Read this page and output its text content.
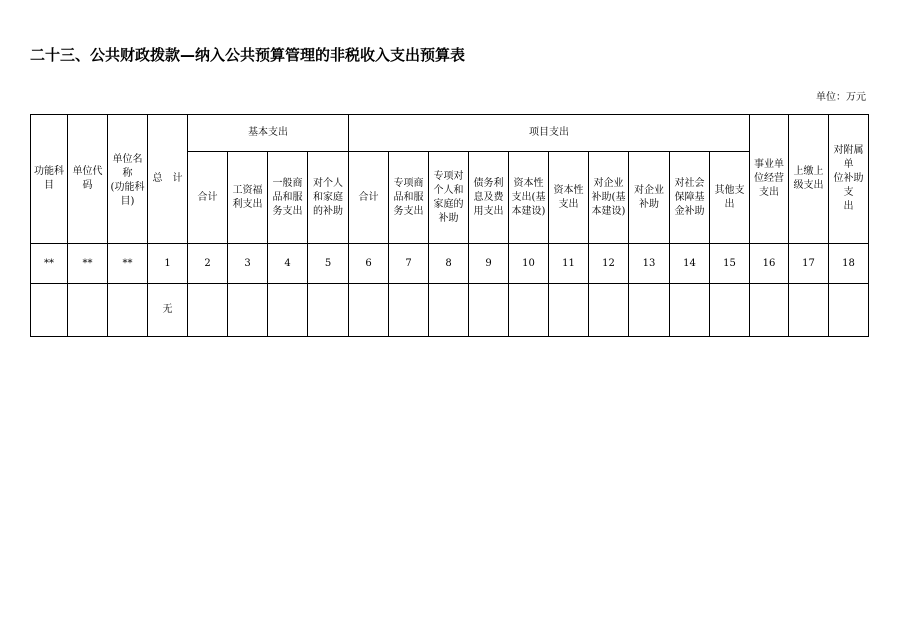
二十三、公共财政拨款—纳入公共预算管理的非税收入支出预算表
单位：万元
功能科
目	单位代
码	单位名称
(功能科
目)	总　计	基本支出				项目支出										事业单
位经营
支出	上缴上
级支出	对附属单
位补助支
出
				合计	工资福
利支出	一般商
品和服
务支出	对个人
和家庭
的补助	合计	专项商
品和服
务支出	专项对
个人和
家庭的
补助	债务利
息及费
用支出	资本性
支出(基
本建设)	资本性
支出	对企业
补助(基
本建设)	对企业
补助	对社会
保障基
金补助	其他支
出			
**	**	**	1	2	3	4	5	6	7	8	9	10	11	12	13	14	15	16	17	18
			无																	
